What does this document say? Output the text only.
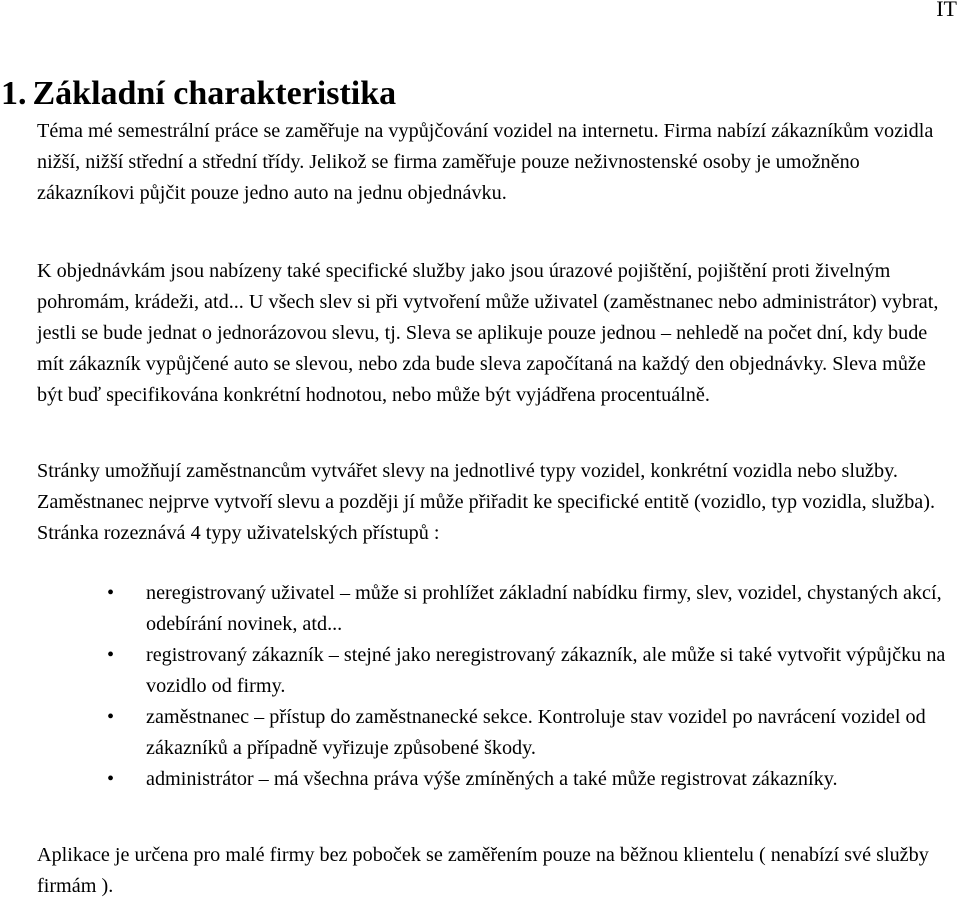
IT
1. Základní charakteristika

Téma mé semestrální práce se zaměřuje na vypůjčování vozidel na internetu. Firma nabízí zákazníkům vozidla nižší, nižší střední a střední třídy. Jelikož se firma zaměřuje pouze neživnostenské osoby je umožněno zákazníkovi půjčit pouze jedno auto na jednu objednávku.

K objednávkám jsou nabízeny také specifické služby jako jsou úrazové pojištění, pojištění proti živelným pohromám, krádeži, atd... U všech slev si při vytvoření může uživatel (zaměstnanec nebo administrátor) vybrat, jestli se bude jednat o jednorázovou slevu, tj. Sleva se aplikuje pouze jednou – nehledě na počet dní, kdy bude mít zákazník vypůjčené auto se slevou, nebo zda bude sleva započítaná na každý den objednávky. Sleva může být buď specifikována konkrétní hodnotou, nebo může být vyjádřena procentuálně.

Stránky umožňují zaměstnancům vytvářet slevy na jednotlivé typy vozidel, konkrétní vozidla nebo služby. Zaměstnanec nejprve vytvoří slevu a později jí může přiřadit ke specifické entitě (vozidlo, typ vozidla, služba). Stránka rozeznává 4 typy uživatelských přístupů :

• neregistrovaný uživatel – může si prohlížet základní nabídku firmy, slev, vozidel, chystaných akcí, odebírání novinek, atd...
• registrovaný zákazník – stejné jako neregistrovaný zákazník, ale může si také vytvořit výpůjčku na vozidlo od firmy.
• zaměstnanec – přístup do zaměstnanecké sekce. Kontroluje stav vozidel po navrácení vozidel od zákazníků a případně vyřizuje způsobené škody.
• administrátor – má všechna práva výše zmíněných a také může registrovat zákazníky.

Aplikace je určena pro malé firmy bez poboček se zaměřením pouze na běžnou klientelu ( nenabízí své služby firmám ).
